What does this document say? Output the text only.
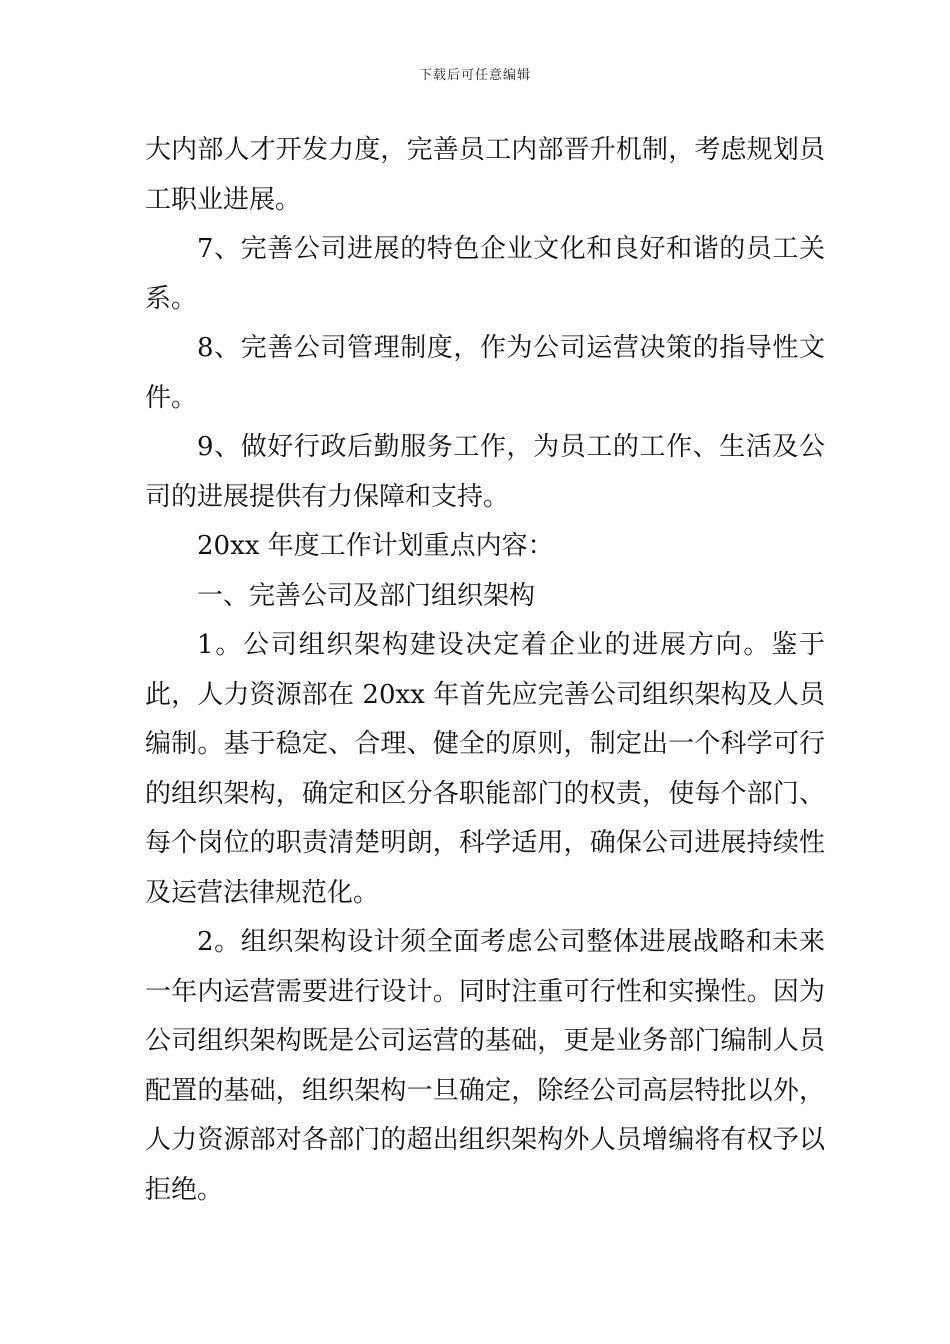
下载后可任意编辑

大内部人才开发力度，完善员工内部晋升机制，考虑规划员工职业进展。

7、完善公司进展的特色企业文化和良好和谐的员工关系。

8、完善公司管理制度，作为公司运营决策的指导性文件。

9、做好行政后勤服务工作，为员工的工作、生活及公司的进展提供有力保障和支持。

20xx 年度工作计划重点内容：

一、完善公司及部门组织架构

1。公司组织架构建设决定着企业的进展方向。鉴于此，人力资源部在 20xx 年首先应完善公司组织架构及人员编制。基于稳定、合理、健全的原则，制定出一个科学可行的组织架构，确定和区分各职能部门的权责，使每个部门、每个岗位的职责清楚明朗，科学适用，确保公司进展持续性及运营法律规范化。

2。组织架构设计须全面考虑公司整体进展战略和未来一年内运营需要进行设计。同时注重可行性和实操性。因为公司组织架构既是公司运营的基础，更是业务部门编制人员配置的基础，组织架构一旦确定，除经公司高层特批以外，人力资源部对各部门的超出组织架构外人员增编将有权予以拒绝。
